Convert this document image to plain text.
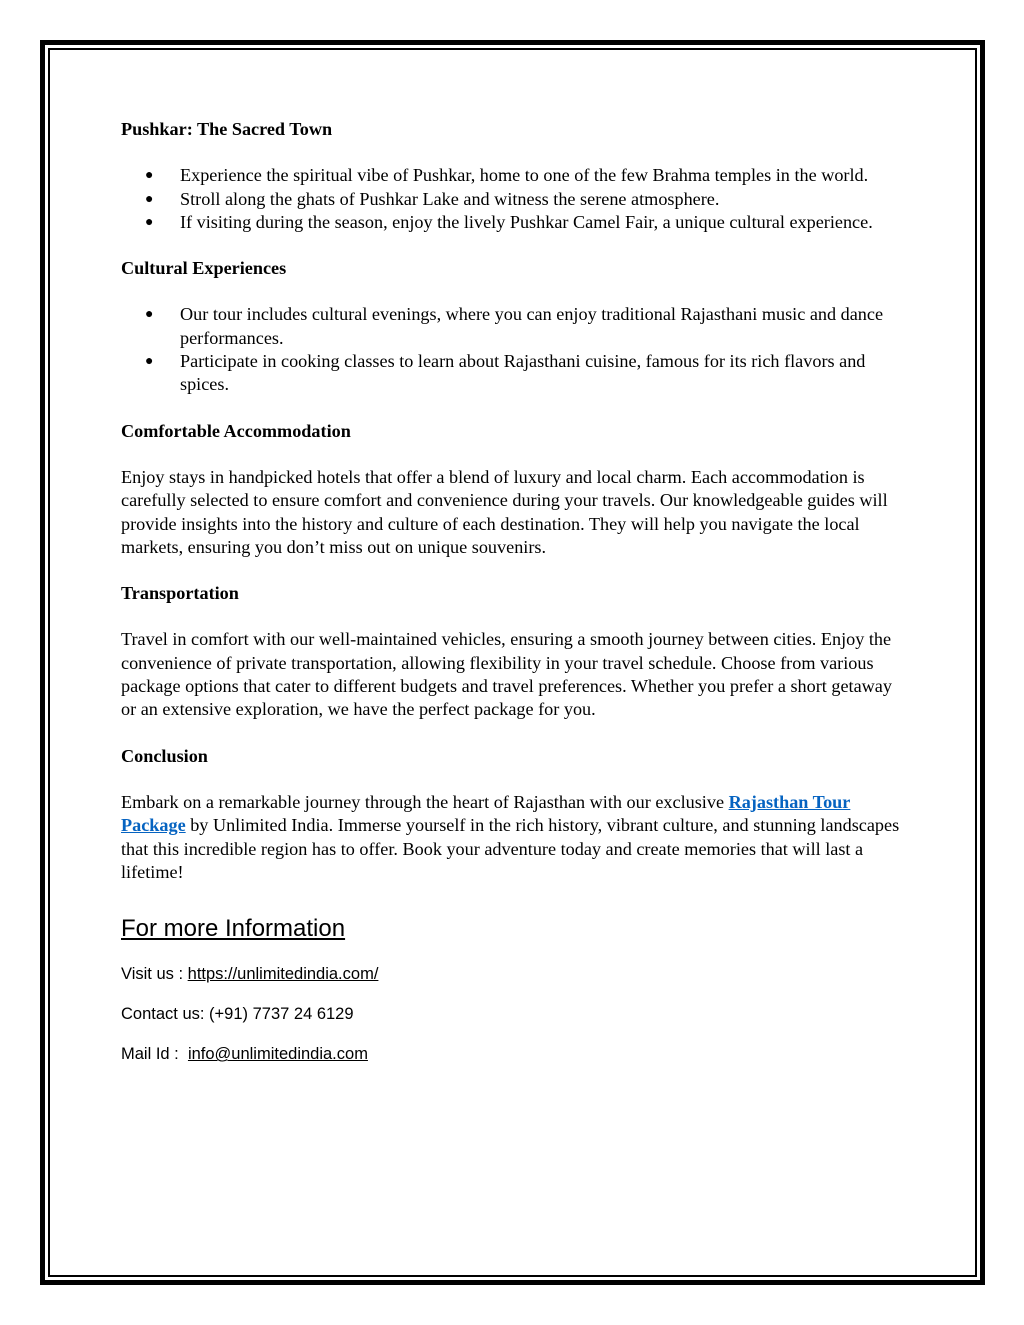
Pushkar: The Sacred Town
● Experience the spiritual vibe of Pushkar, home to one of the few Brahma temples in the world.
● Stroll along the ghats of Pushkar Lake and witness the serene atmosphere.
● If visiting during the season, enjoy the lively Pushkar Camel Fair, a unique cultural experience.
Cultural Experiences
● Our tour includes cultural evenings, where you can enjoy traditional Rajasthani music and dance performances.
● Participate in cooking classes to learn about Rajasthani cuisine, famous for its rich flavors and spices.
Comfortable Accommodation

Enjoy stays in handpicked hotels that offer a blend of luxury and local charm. Each accommodation is carefully selected to ensure comfort and convenience during your travels. Our knowledgeable guides will provide insights into the history and culture of each destination. They will help you navigate the local markets, ensuring you don’t miss out on unique souvenirs.

Transportation

Travel in comfort with our well-maintained vehicles, ensuring a smooth journey between cities. Enjoy the convenience of private transportation, allowing flexibility in your travel schedule. Choose from various package options that cater to different budgets and travel preferences. Whether you prefer a short getaway or an extensive exploration, we have the perfect package for you.

Conclusion

Embark on a remarkable journey through the heart of Rajasthan with our exclusive Rajasthan Tour Package by Unlimited India. Immerse yourself in the rich history, vibrant culture, and stunning landscapes that this incredible region has to offer. Book your adventure today and create memories that will last a lifetime!

For more Information

Visit us : https://unlimitedindia.com/

Contact us: (+91) 7737 24 6129

Mail Id :  info@unlimitedindia.com
